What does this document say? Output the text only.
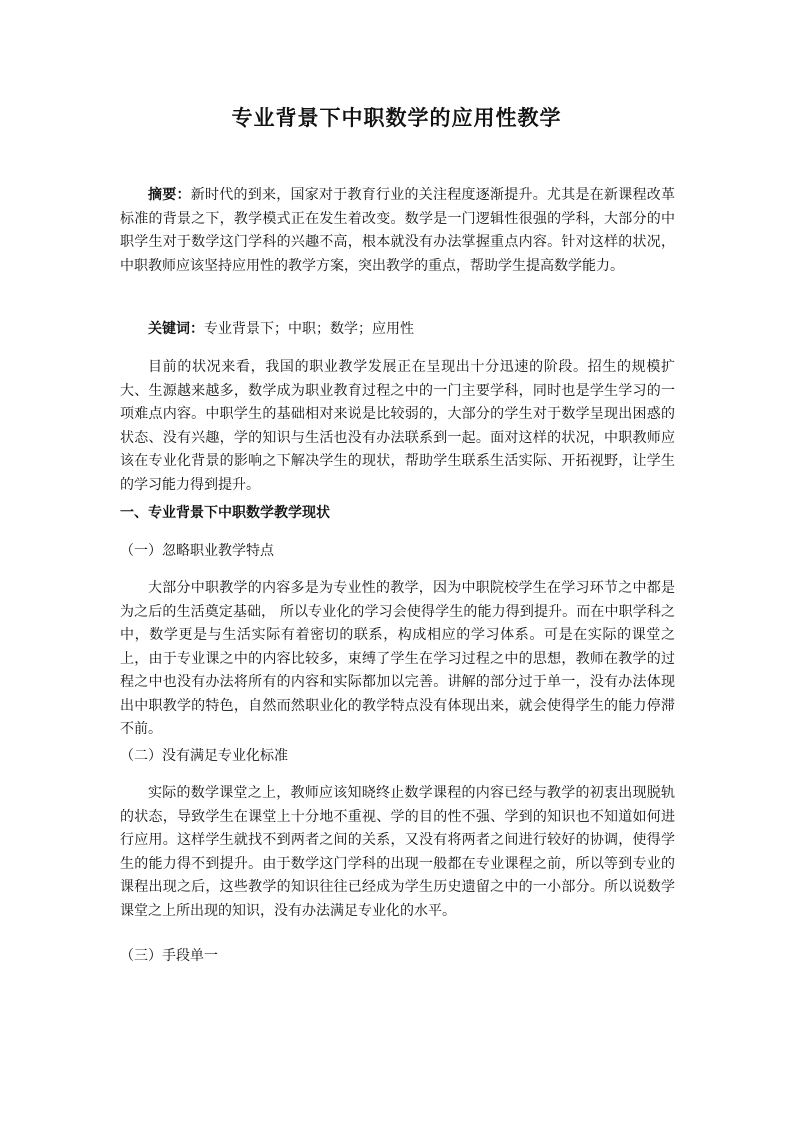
专业背景下中职数学的应用性教学
摘要：新时代的到来，国家对于教育行业的关注程度逐渐提升。尤其是在新课程改革标准的背景之下，教学模式正在发生着改变。数学是一门逻辑性很强的学科，大部分的中职学生对于数学这门学科的兴趣不高，根本就没有办法掌握重点内容。针对这样的状况，中职教师应该坚持应用性的教学方案，突出教学的重点，帮助学生提高数学能力。
关键词：专业背景下；中职；数学；应用性
目前的状况来看，我国的职业教学发展正在呈现出十分迅速的阶段。招生的规模扩大、生源越来越多，数学成为职业教育过程之中的一门主要学科，同时也是学生学习的一项难点内容。中职学生的基础相对来说是比较弱的，大部分的学生对于数学呈现出困惑的状态、没有兴趣，学的知识与生活也没有办法联系到一起。面对这样的状况，中职教师应该在专业化背景的影响之下解决学生的现状，帮助学生联系生活实际、开拓视野，让学生的学习能力得到提升。
一、专业背景下中职数学教学现状
（一）忽略职业教学特点
大部分中职教学的内容多是为专业性的教学，因为中职院校学生在学习环节之中都是为之后的生活奠定基础， 所以专业化的学习会使得学生的能力得到提升。而在中职学科之中，数学更是与生活实际有着密切的联系，构成相应的学习体系。可是在实际的课堂之上，由于专业课之中的内容比较多，束缚了学生在学习过程之中的思想，教师在教学的过程之中也没有办法将所有的内容和实际都加以完善。讲解的部分过于单一，没有办法体现出中职教学的特色，自然而然职业化的教学特点没有体现出来，就会使得学生的能力停滞不前。
（二）没有满足专业化标准
实际的数学课堂之上，教师应该知晓终止数学课程的内容已经与教学的初衷出现脱轨的状态，导致学生在课堂上十分地不重视、学的目的性不强、学到的知识也不知道如何进行应用。这样学生就找不到两者之间的关系，又没有将两者之间进行较好的协调，使得学生的能力得不到提升。由于数学这门学科的出现一般都在专业课程之前，所以等到专业的课程出现之后，这些教学的知识往往已经成为学生历史遗留之中的一小部分。所以说数学课堂之上所出现的知识，没有办法满足专业化的水平。
（三）手段单一
